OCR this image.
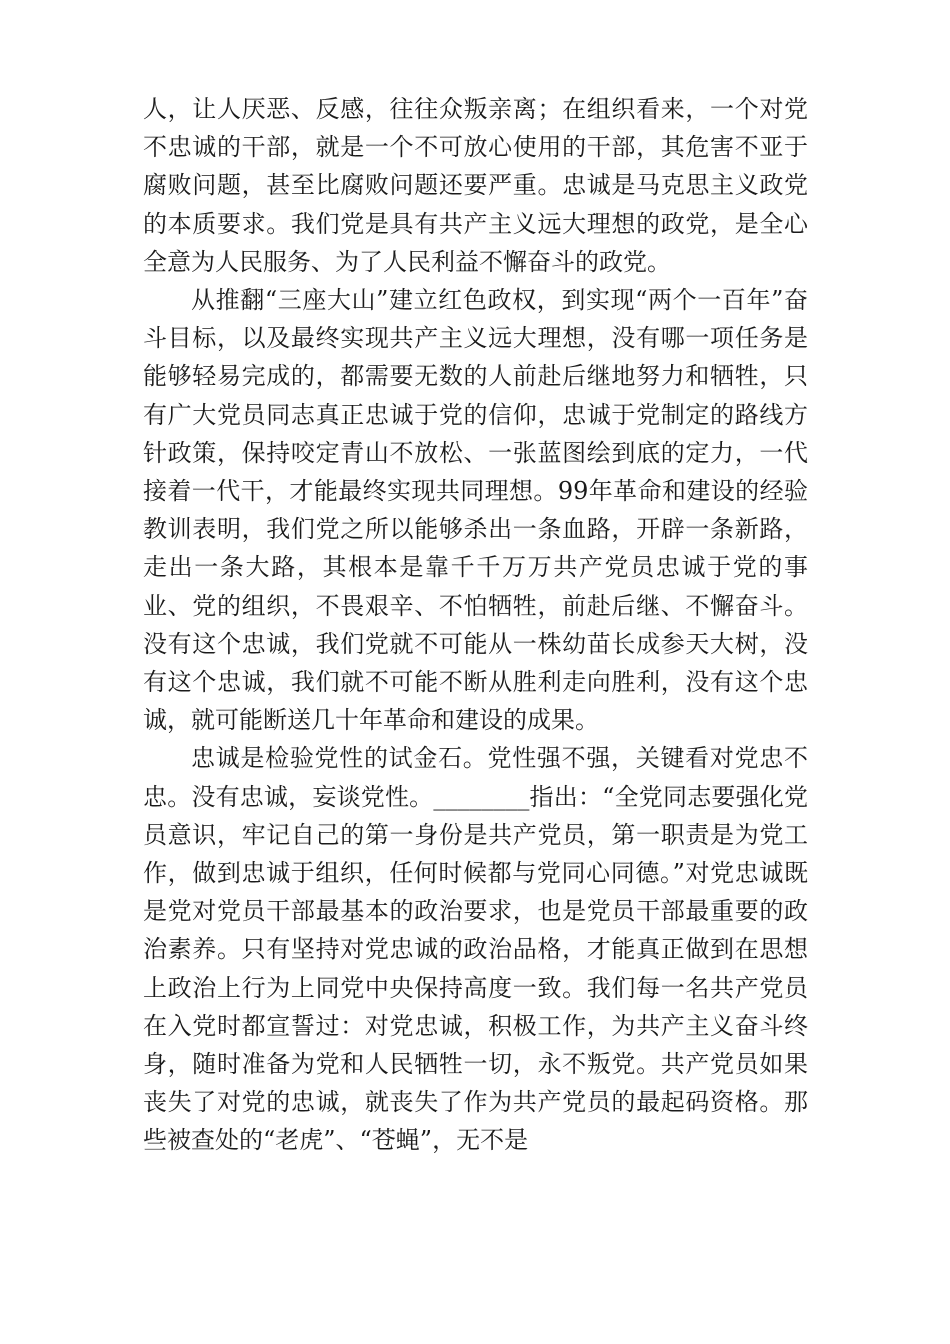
人，让人厌恶、反感，往往众叛亲离；在组织看来，一个对党不忠诚的干部，就是一个不可放心使用的干部，其危害不亚于腐败问题，甚至比腐败问题还要严重。忠诚是马克思主义政党的本质要求。我们党是具有共产主义远大理想的政党，是全心全意为人民服务、为了人民利益不懈奋斗的政党。

从推翻“三座大山”建立红色政权，到实现“两个一百年”奋斗目标，以及最终实现共产主义远大理想，没有哪一项任务是能够轻易完成的，都需要无数的人前赴后继地努力和牺牲，只有广大党员同志真正忠诚于党的信仰，忠诚于党制定的路线方针政策，保持咬定青山不放松、一张蓝图绘到底的定力，一代接着一代干，才能最终实现共同理想。99年革命和建设的经验教训表明，我们党之所以能够杀出一条血路，开辟一条新路，走出一条大路，其根本是靠千千万万共产党员忠诚于党的事业、党的组织，不畏艰辛、不怕牺牲，前赴后继、不懈奋斗。没有这个忠诚，我们党就不可能从一株幼苗长成参天大树，没有这个忠诚，我们就不可能不断从胜利走向胜利，没有这个忠诚，就可能断送几十年革命和建设的成果。

忠诚是检验党性的试金石。党性强不强，关键看对党忠不忠。没有忠诚，妄谈党性。________指出：“全党同志要强化党员意识，牢记自己的第一身份是共产党员，第一职责是为党工作，做到忠诚于组织，任何时候都与党同心同德。”对党忠诚既是党对党员干部最基本的政治要求，也是党员干部最重要的政治素养。只有坚持对党忠诚的政治品格，才能真正做到在思想上政治上行为上同党中央保持高度一致。我们每一名共产党员在入党时都宣誓过：对党忠诚，积极工作，为共产主义奋斗终身，随时准备为党和人民牺牲一切，永不叛党。共产党员如果丧失了对党的忠诚，就丧失了作为共产党员的最起码资格。那些被查处的“老虎”、“苍蝇”，无不是
